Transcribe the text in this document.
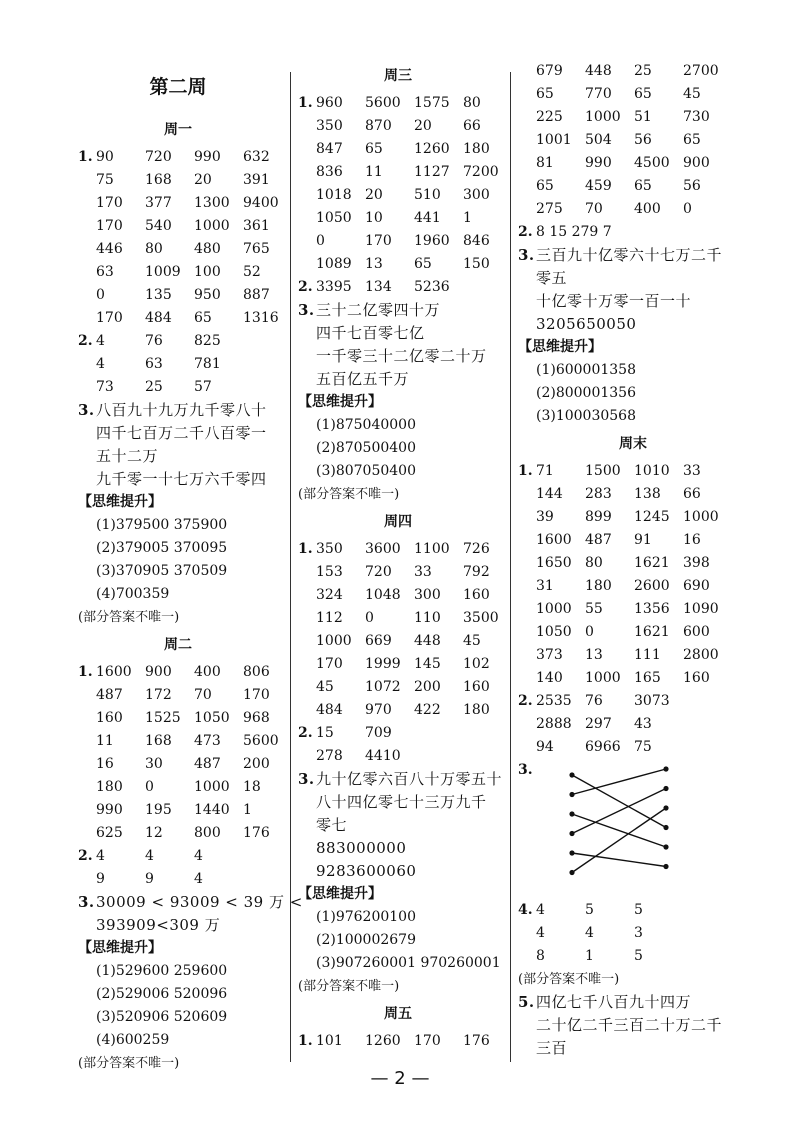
第二周
周一
1. 90 720 990 632
75 168 20 391
170 377 1300 9400
170 540 1000 361
446 80 480 765
63 1009 100 52
0	135 950 887
170 484 65 1316
2. 4	76 825
4	63 781
73 25 57
3.八百九十九万九千零八十
四千七百万二千八百零一
五十二万
九千零一十七万六千零四
【思维提升】
(1)379500 375900
(2)379005 370095
(3)370905 370509
(4)700359
(部分答案不唯一)
周二
1. 1600 900 400 806
487 172 70 170
160 1525 1050 968
11 168 473 5600
16 30 487 200
180 0	1000 18
990 195 1440 1
625 12 800 176
2. 4	4	4
9	9	4
3.30009 < 93009 < 39 万 <
393909<309 万
【思维提升】
(1)529600 259600
(2)529006 520096
(3)520906 520609
(4)600259
(部分答案不唯一)
周三
1. 960 5600 1575 80
350 870 20 66
847 65 1260 180
836 11 1127 7200
1018 20 510 300
1050 10 441 1
0	170 1960 846
1089 13 65 150
2. 3395 134 5236
3.三十二亿零四十万
四千七百零七亿
一千零三十二亿零二十万
五百亿五千万
【思维提升】
(1)875040000
(2)870500400
(3)807050400
(部分答案不唯一)
周四
1. 350 3600 1100 726
153 720 33 792
324 1048 300 160
112 0	110 3500
1000 669 448 45
170 1999 145 102
45 1072 200 160
484 970 422 180
2. 15 709
278 4410
3.九十亿零六百八十万零五十
八十四亿零七十三万九千
零七
883000000
9283600060
【思维提升】
(1)976200100
(2)100002679
(3)907260001 970260001
(部分答案不唯一)
周五
1. 101 1260 170 176
679 448 25 2700
65 770 65 45
225 1000 51 730
1001 504 56 65
81 990 4500 900
65 459 65 56
275 70 400 0
2. 8 15 279 7
3.三百九十亿零六十七万二千
零五
十亿零十万零一百一十
3205650050
【思维提升】
(1)600001358
(2)800001356
(3)100030568
周末
1. 71 1500 1010 33
144 283 138 66
39 899 1245 1000
1600 487 91 16
1650 80 1621 398
31 180 2600 690
1000 55 1356 1090
1050 0	1621 600
373 13 111 2800
140 1000 165 160
2. 2535 76 3073
2888 297 43
94 6966 75
3.
4. 4	5	5
4	4	3
8	1	5
(部分答案不唯一)
5.四亿七千八百九十四万
二十亿二千三百二十万二千
三百
— 2 —
